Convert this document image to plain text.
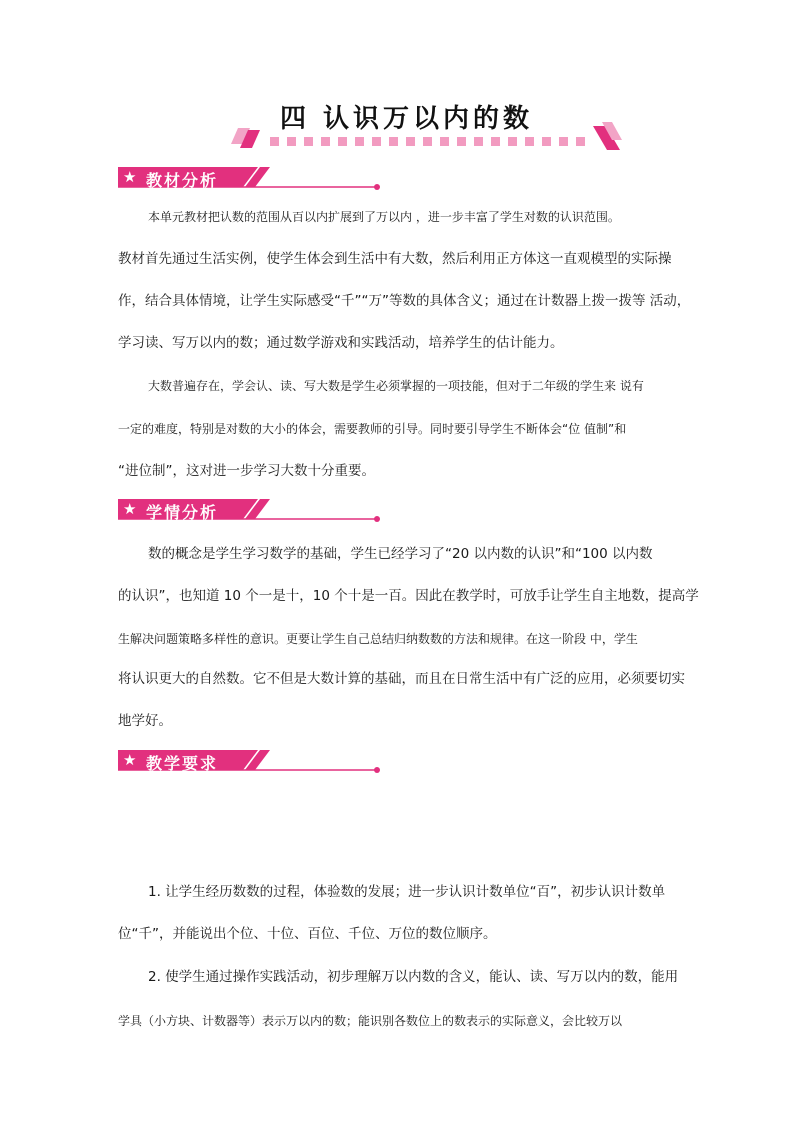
四 认识万以内的数
★ 教材分析
本单元教材把认数的范围从百以内扩展到了万以内 ，进一步丰富了学生对数的认识范围。
教材首先通过生活实例，使学生体会到生活中有大数，然后利用正方体这一直观模型的实际操
作，结合具体情境，让学生实际感受“千”“万”等数的具体含义；通过在计数器上拨一拨等 活动，
学习读、写万以内的数；通过数学游戏和实践活动，培养学生的估计能力。
大数普遍存在，学会认、读、写大数是学生必须掌握的一项技能，但对于二年级的学生来 说有
一定的难度，特别是对数的大小的体会，需要教师的引导。同时要引导学生不断体会“位 值制”和
“进位制”，这对进一步学习大数十分重要。
★ 学情分析
数的概念是学生学习数学的基础，学生已经学习了“20 以内数的认识”和“100 以内数
的认识”，也知道 10 个一是十，10 个十是一百。因此在教学时，可放手让学生自主地数，提高学
生解决问题策略多样性的意识。更要让学生自己总结归纳数数的方法和规律。在这一阶段 中，学生
将认识更大的自然数。它不但是大数计算的基础，而且在日常生活中有广泛的应用，必须要切实
地学好。
★ 教学要求
1. 让学生经历数数的过程，体验数的发展；进一步认识计数单位“百”，初步认识计数单
位“千”，并能说出个位、十位、百位、千位、万位的数位顺序。
2. 使学生通过操作实践活动，初步理解万以内数的含义，能认、读、写万以内的数，能用
学具（小方块、计数器等）表示万以内的数；能识别各数位上的数表示的实际意义，会比较万以
